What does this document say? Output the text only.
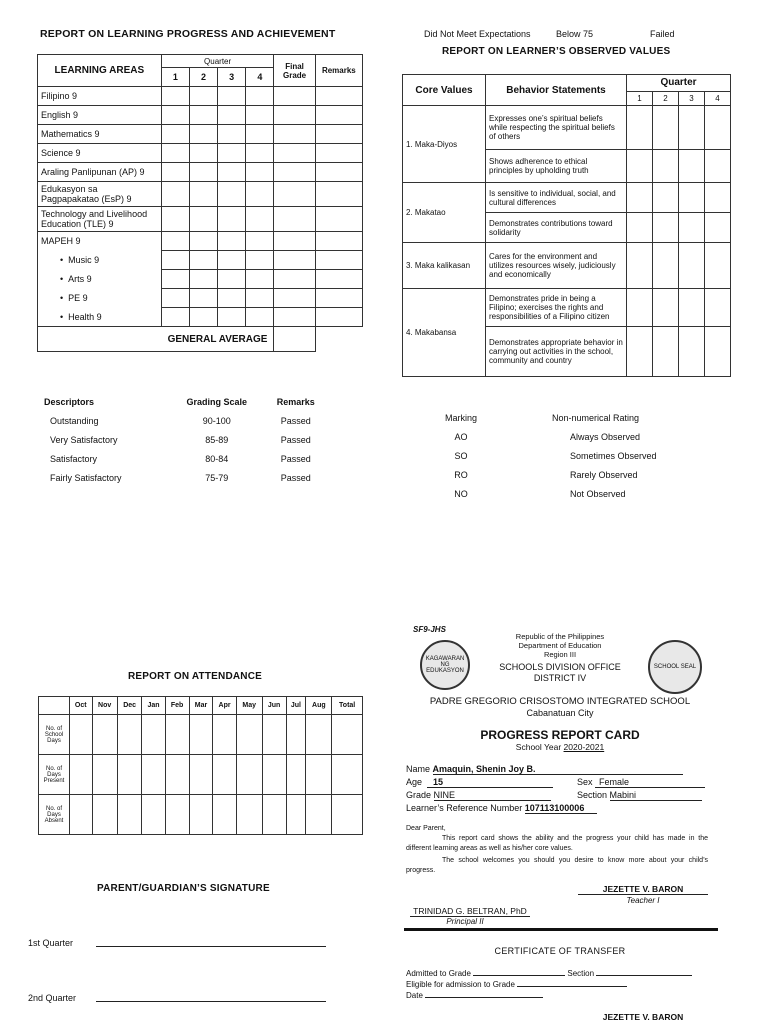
REPORT ON LEARNING PROGRESS AND ACHIEVEMENT
LEARNING AREAS	Quarter				Final Grade	Remarks
	1	2	3	4		
Filipino 9						
English 9						
Mathematics 9						
Science 9						
Araling Panlipunan (AP) 9						
Edukasyon sa Pagpapakatao (EsP) 9						
Technology and Livelihood Education (TLE) 9						
MAPEH 9						
•  Music 9						
•  Arts 9						
•  PE 9						
•  Health 9						
GENERAL AVERAGE						
Descriptors	Grading Scale	Remarks
Outstanding	90-100	Passed
Very Satisfactory	85-89	Passed
Satisfactory	80-84	Passed
Fairly Satisfactory	75-79	Passed
REPORT ON ATTENDANCE
	Oct	Nov	Dec	Jan	Feb	Mar	Apr	May	Jun	Jul	Aug	Total
No. of School Days												
No. of Days Present												
No. of Days Absent												
PARENT/GUARDIAN’S SIGNATURE
1st Quarter
2nd Quarter
Did Not Meet Expectations	Below 75	Failed
REPORT ON LEARNER’S OBSERVED VALUES
Core Values	Behavior Statements	Quarter			
		1	2	3	4
1. Maka-Diyos	Expresses one’s spiritual beliefs while respecting the spiritual beliefs of others				
	Shows adherence to ethical principles by upholding truth				
2. Makatao	Is sensitive to individual, social, and cultural differences				
	Demonstrates contributions toward solidarity				
3. Maka kalikasan	Cares for the environment and utilizes resources wisely, judiciously and economically				
4. Makabansa	Demonstrates pride in being a Filipino; exercises the rights and responsibilities of a Filipino citizen				
	Demonstrates appropriate behavior in carrying out activities in the school, community and country				
Marking	Non-numerical Rating
AO	Always Observed
SO	Sometimes Observed
RO	Rarely Observed
NO	Not Observed
SF9-JHS
KAGAWARAN NG EDUKASYON
SCHOOL SEAL
Republic of the Philippines
Department of Education
Region III
SCHOOLS DIVISION OFFICE
DISTRICT IV
PADRE GREGORIO CRISOSTOMO INTEGRATED SCHOOL
Cabanatuan City
PROGRESS REPORT CARD
School Year 2020-2021
Name Amaquin, Shenin Joy B.
Age 15	Sex Female
Grade NINE	Section Mabini
Learner’s Reference Number 107113100006
Dear Parent,
This report card shows the ability and the progress your child has made in the different learning areas as well as his/her core values.
The school welcomes you should you desire to know more about your child’s progress.
JEZETTE V. BARON
Teacher I
TRINIDAD G. BELTRAN, PhD
Principal II
CERTIFICATE OF TRANSFER
Admitted to Grade	Section
Eligible for admission to Grade
Date
JEZETTE V. BARON
